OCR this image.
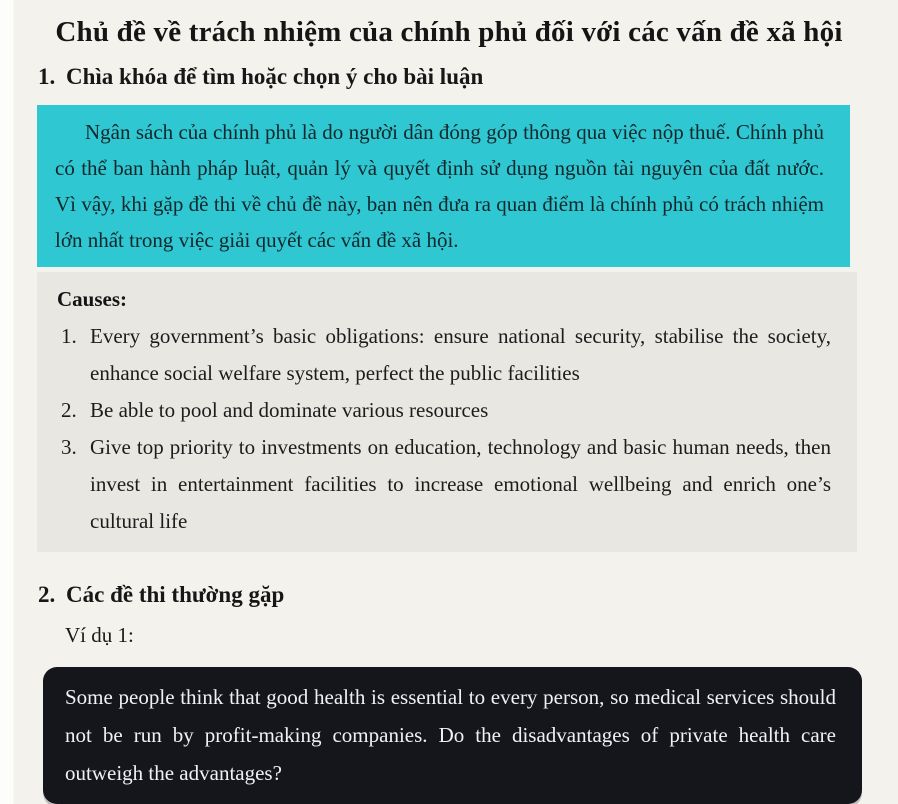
Chủ đề về trách nhiệm của chính phủ đối với các vấn đề xã hội
1. Chìa khóa để tìm hoặc chọn ý cho bài luận

Ngân sách của chính phủ là do người dân đóng góp thông qua việc nộp thuế. Chính phủ có thể ban hành pháp luật, quản lý và quyết định sử dụng nguồn tài nguyên của đất nước. Vì vậy, khi gặp đề thi về chủ đề này, bạn nên đưa ra quan điểm là chính phủ có trách nhiệm lớn nhất trong việc giải quyết các vấn đề xã hội.

Causes:
1. Every government’s basic obligations: ensure national security, stabilise the society, enhance social welfare system, perfect the public facilities
2. Be able to pool and dominate various resources
3. Give top priority to investments on education, technology and basic human needs, then invest in entertainment facilities to increase emotional wellbeing and enrich one’s cultural life
2. Các đề thi thường gặp
Ví dụ 1:

Some people think that good health is essential to every person, so medical services should not be run by profit-making companies. Do the disadvantages of private health care outweigh the advantages?
